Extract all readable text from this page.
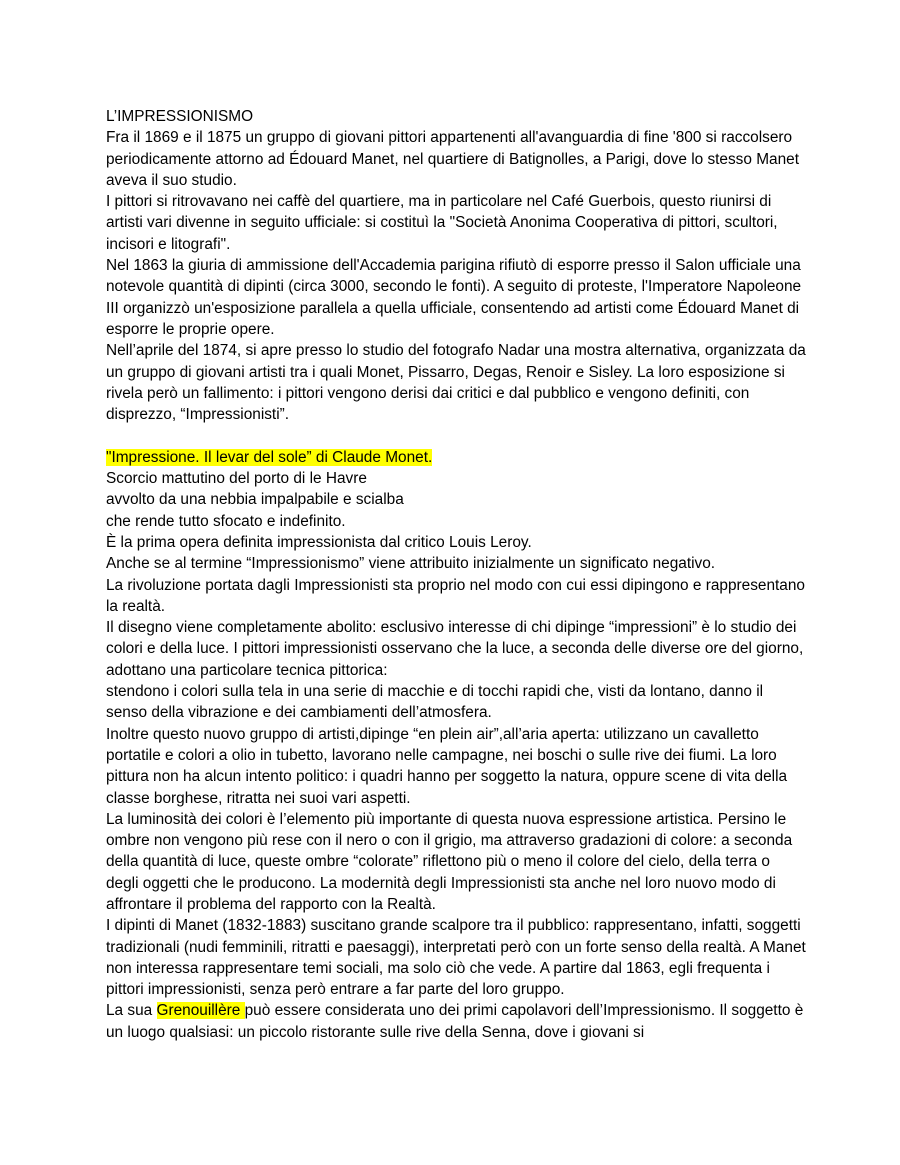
L’IMPRESSIONISMO

Fra il 1869 e il 1875 un gruppo di giovani pittori appartenenti all'avanguardia di fine '800 si raccolsero periodicamente attorno ad Édouard Manet, nel quartiere di Batignolles, a Parigi, dove lo stesso Manet aveva il suo studio.

I pittori si ritrovavano nei caffè del quartiere, ma in particolare nel Café Guerbois, questo riunirsi di artisti vari divenne in seguito ufficiale: si costituì la "Società Anonima Cooperativa di pittori, scultori, incisori e litografi".

Nel 1863 la giuria di ammissione dell'Accademia parigina rifiutò di esporre presso il Salon ufficiale una notevole quantità di dipinti (circa 3000, secondo le fonti). A seguito di proteste, l'Imperatore Napoleone III organizzò un'esposizione parallela a quella ufficiale, consentendo ad artisti come Édouard Manet di esporre le proprie opere.

Nell’aprile del 1874, si apre presso lo studio del fotografo Nadar una mostra alternativa, organizzata da un gruppo di giovani artisti tra i quali Monet, Pissarro, Degas, Renoir e Sisley. La loro esposizione si rivela però un fallimento: i pittori vengono derisi dai critici e dal pubblico e vengono definiti, con disprezzo, “Impressionisti”.

"Impressione. Il levar del sole” di Claude Monet.

Scorcio mattutino del porto di le Havre

avvolto da una nebbia impalpabile e scialba

che rende tutto sfocato e indefinito.

È la prima opera definita impressionista dal critico Louis Leroy.

Anche se al termine “Impressionismo” viene attribuito inizialmente un significato negativo.

La rivoluzione portata dagli Impressionisti sta proprio nel modo con cui essi dipingono e rappresentano la realtà.

Il disegno viene completamente abolito: esclusivo interesse di chi dipinge “impressioni” è lo studio dei colori e della luce. I pittori impressionisti osservano che la luce, a seconda delle diverse ore del giorno, adottano una particolare tecnica pittorica:

stendono i colori sulla tela in una serie di macchie e di tocchi rapidi che, visti da lontano, danno il senso della vibrazione e dei cambiamenti dell’atmosfera.

Inoltre questo nuovo gruppo di artisti,dipinge “en plein air”,all’aria aperta: utilizzano un cavalletto portatile e colori a olio in tubetto, lavorano nelle campagne, nei boschi o sulle rive dei fiumi. La loro pittura non ha alcun intento politico: i quadri hanno per soggetto la natura, oppure scene di vita della classe borghese, ritratta nei suoi vari aspetti.

La luminosità dei colori è l’elemento più importante di questa nuova espressione artistica. Persino le ombre non vengono più rese con il nero o con il grigio, ma attraverso gradazioni di colore: a seconda della quantità di luce, queste ombre “colorate” riflettono più o meno il colore del cielo, della terra o degli oggetti che le producono. La modernità degli Impressionisti sta anche nel loro nuovo modo di affrontare il problema del rapporto con la Realtà.

I dipinti di Manet (1832-1883) suscitano grande scalpore tra il pubblico: rappresentano, infatti, soggetti tradizionali (nudi femminili, ritratti e paesaggi), interpretati però con un forte senso della realtà. A Manet non interessa rappresentare temi sociali, ma solo ciò che vede. A partire dal 1863, egli frequenta i pittori impressionisti, senza però entrare a far parte del loro gruppo.

La sua Grenouillère può essere considerata uno dei primi capolavori dell’Impressionismo. Il soggetto è un luogo qualsiasi: un piccolo ristorante sulle rive della Senna, dove i giovani si
